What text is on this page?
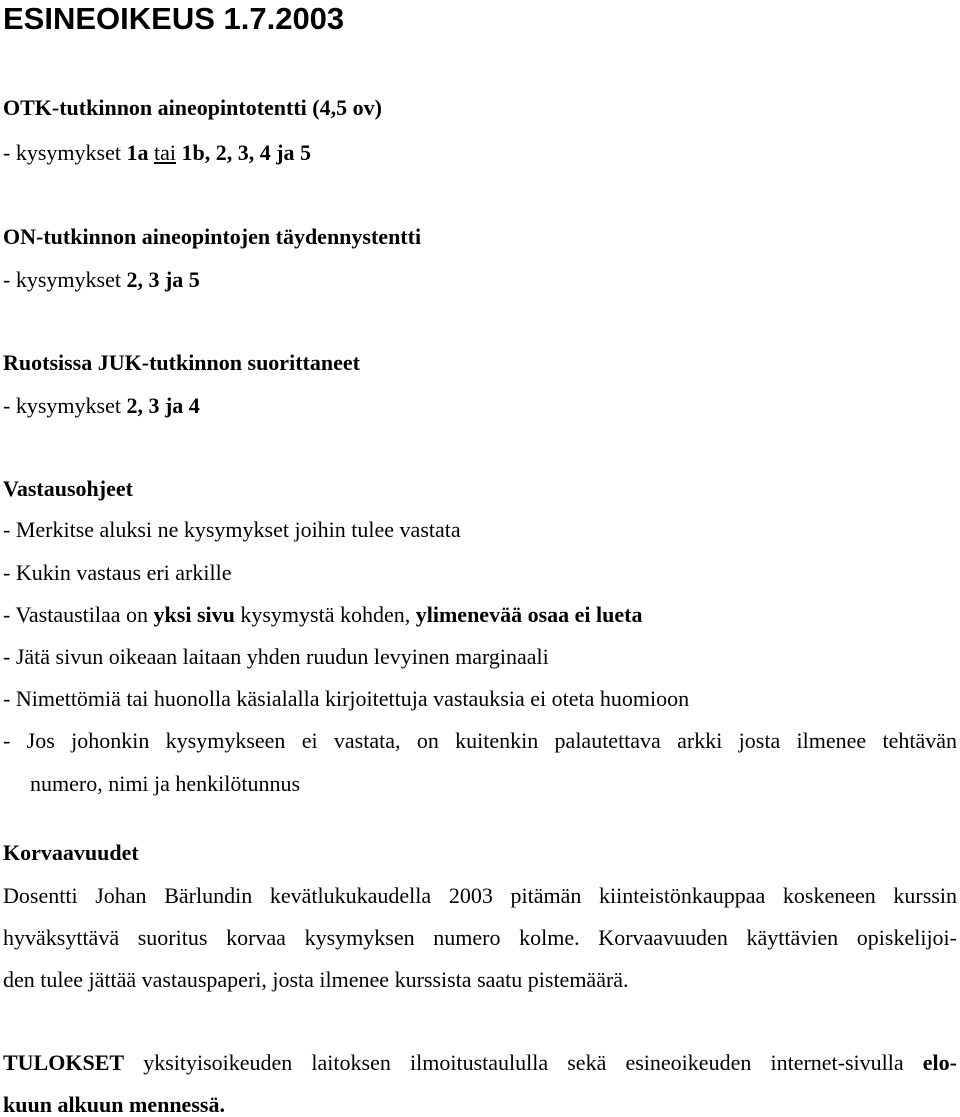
ESINEOIKEUS 1.7.2003
OTK-tutkinnon aineopintotentti (4,5 ov)
- kysymykset 1a tai 1b, 2, 3, 4 ja 5
ON-tutkinnon aineopintojen täydennystentti
- kysymykset 2, 3 ja 5
Ruotsissa JUK-tutkinnon suorittaneet
- kysymykset 2, 3 ja 4
Vastausohjeet
- Merkitse aluksi ne kysymykset joihin tulee vastata
- Kukin vastaus eri arkille
- Vastaustilaa on yksi sivu kysymystä kohden, ylimenevää osaa ei lueta
- Jätä sivun oikeaan laitaan yhden ruudun levyinen marginaali
- Nimettömiä tai huonolla käsialalla kirjoitettuja vastauksia ei oteta huomioon
- Jos johonkin kysymykseen ei vastata, on kuitenkin palautettava arkki josta ilmenee tehtävän
numero, nimi ja henkilötunnus
Korvaavuudet
Dosentti Johan Bärlundin kevätlukukaudella 2003 pitämän kiinteistönkauppaa koskeneen kurssin
hyväksyttävä suoritus korvaa kysymyksen numero kolme. Korvaavuuden käyttävien opiskelijoi-
den tulee jättää vastauspaperi, josta ilmenee kurssista saatu pistemäärä.
TULOKSET yksityisoikeuden laitoksen ilmoitustaululla sekä esineoikeuden internet-sivulla elo-
kuun alkuun mennessä.
